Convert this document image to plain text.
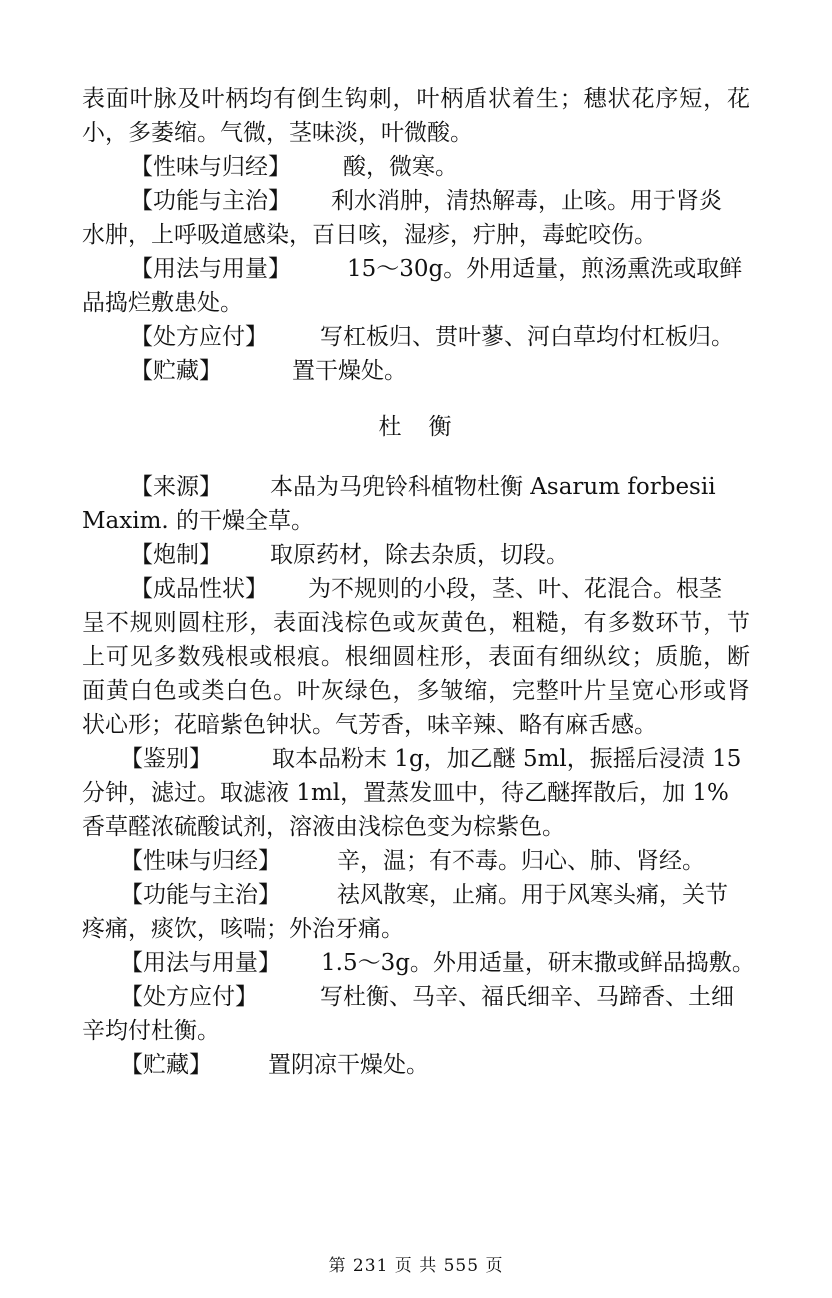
表面叶脉及叶柄均有倒生钩刺，叶柄盾状着生；穗状花序短，花

小，多萎缩。气微，茎味淡，叶微酸。

【性味与归经】 酸，微寒。

【功能与主治】 利水消肿，清热解毒，止咳。用于肾炎

水肿，上呼吸道感染，百日咳，湿疹，疔肿，毒蛇咬伤。

【用法与用量】 15～30g。外用适量，煎汤熏洗或取鲜

品捣烂敷患处。

【处方应付】 写杠板归、贯叶蓼、河白草均付杠板归。

【贮藏】	置干燥处。

杜　衡

【来源】 本品为马兜铃科植物杜衡 Asarum forbesii

Maxim. 的干燥全草。

【炮制】 取原药材，除去杂质，切段。

【成品性状】 为不规则的小段，茎、叶、花混合。根茎

呈不规则圆柱形，表面浅棕色或灰黄色，粗糙，有多数环节，节

上可见多数残根或根痕。根细圆柱形，表面有细纵纹；质脆，断

面黄白色或类白色。叶灰绿色，多皱缩，完整叶片呈宽心形或肾

状心形；花暗紫色钟状。气芳香，味辛辣、略有麻舌感。

【鉴别】	取本品粉末 1g，加乙醚 5ml，振摇后浸渍 15

分钟，滤过。取滤液 1ml，置蒸发皿中，待乙醚挥散后，加 1%

香草醛浓硫酸试剂，溶液由浅棕色变为棕紫色。

【性味与归经】 辛，温；有不毒。归心、肺、肾经。

【功能与主治】 祛风散寒，止痛。用于风寒头痛，关节

疼痛，痰饮，咳喘；外治牙痛。

【用法与用量】 1.5～3g。外用适量，研末撒或鲜品捣敷。

【处方应付】	写杜衡、马辛、福氏细辛、马蹄香、土细

辛均付杜衡。

【贮藏】 置阴凉干燥处。

第 231 页 共 555 页
